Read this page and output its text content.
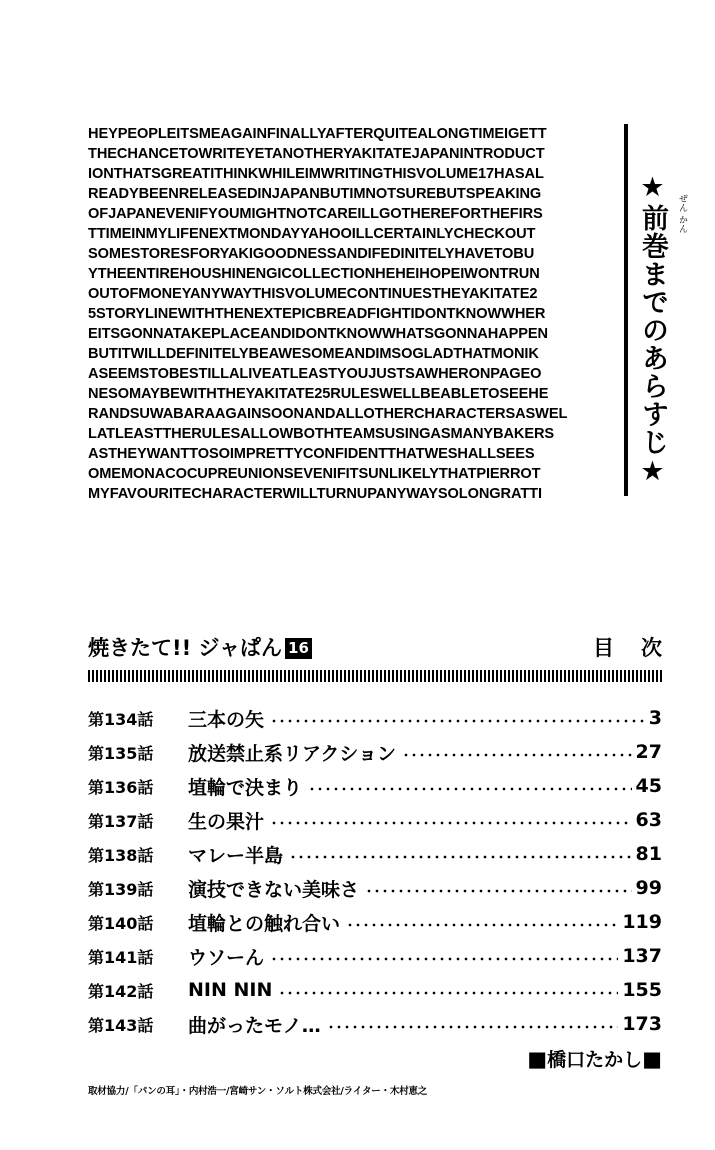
HEYPEOPLEITSMEAGAINFINALLYAFTERQUITEALONGTIMEIGETT
THECHANCETOWRITEYETANOTHERYAKITATEJAPANINTRODUCT
IONTHATSGREATITHINKWHILEIMWRITINGTHISVOLUME17HASAL
READYBEENRELEASEDINJAPANBUTIMNOTSUREBUTSPEAKING
OFJAPANEVENIFYOUMIGHTNOTCAREILLGOTHEREFORTHEFIRS
TTIMEINMYLIFENEXTMONDAYYAHOOILLCERTAINLYCHECKOUT
SOMESTORESFORYAKIGOODNESSANDIFEDINITELYHAVETOBU
YTHEENTIREHOUSHINENGICOLLECTIONHEHEIHOPEIWONTRUN
OUTOFMONEYANYWAYTHISVOLUMECONTINUESTHEYAKITATE2
5STORYLINEWITHTHENEXTEPICBREADFIGHTIDONTKNOWWHER
EITSGONNATAKEPLACEANDIDONTKNOWWHATSGONNAHAPPEN
BUTITWILLDEFINITELYBEAWESOMEANDIMSOGLADTHATMONIK
ASEEMSTOBESTILLALIVEATLEASTYOUJUSTSAWHERONPAGEO
NESOMAYBEWITHTHEYAKITATE25RULESWELLBEABLETOSEEHE
RANDSUWABARAAGAINSOONANDALLOTHERCHARACTERSASWEL
LATLEASTTHERULESALLOWBOTHTEAMSUSINGASMANYBAKERS
ASTHEYWANTTOSOIMPRETTYCONFIDENTTHATWESHALLSEES
OMEMONACOCUPREUNIONSEVENIFITSUNLIKELYTHATPIERROT
MYFAVOURITECHARACTERWILLTURNUPANYWAYSOLONGRATTI
★前巻までのあらすじ★	ぜん かん
焼きたて!! ジャぱん 16	目次
第134話	三本の矢	3
第135話	放送禁止系リアクション	27
第136話	埴輪で決まり	45
第137話	生の果汁	63
第138話	マレー半島	81
第139話	演技できない美味さ	99
第140話	埴輪との触れ合い	119
第141話	ウソーん	137
第142話	NIN NIN	155
第143話	曲がったモノ…	173
■橋口たかし■
取材協力/「パンの耳」・内村浩一/宮崎サン・ソルト株式会社/ライター・木村恵之
